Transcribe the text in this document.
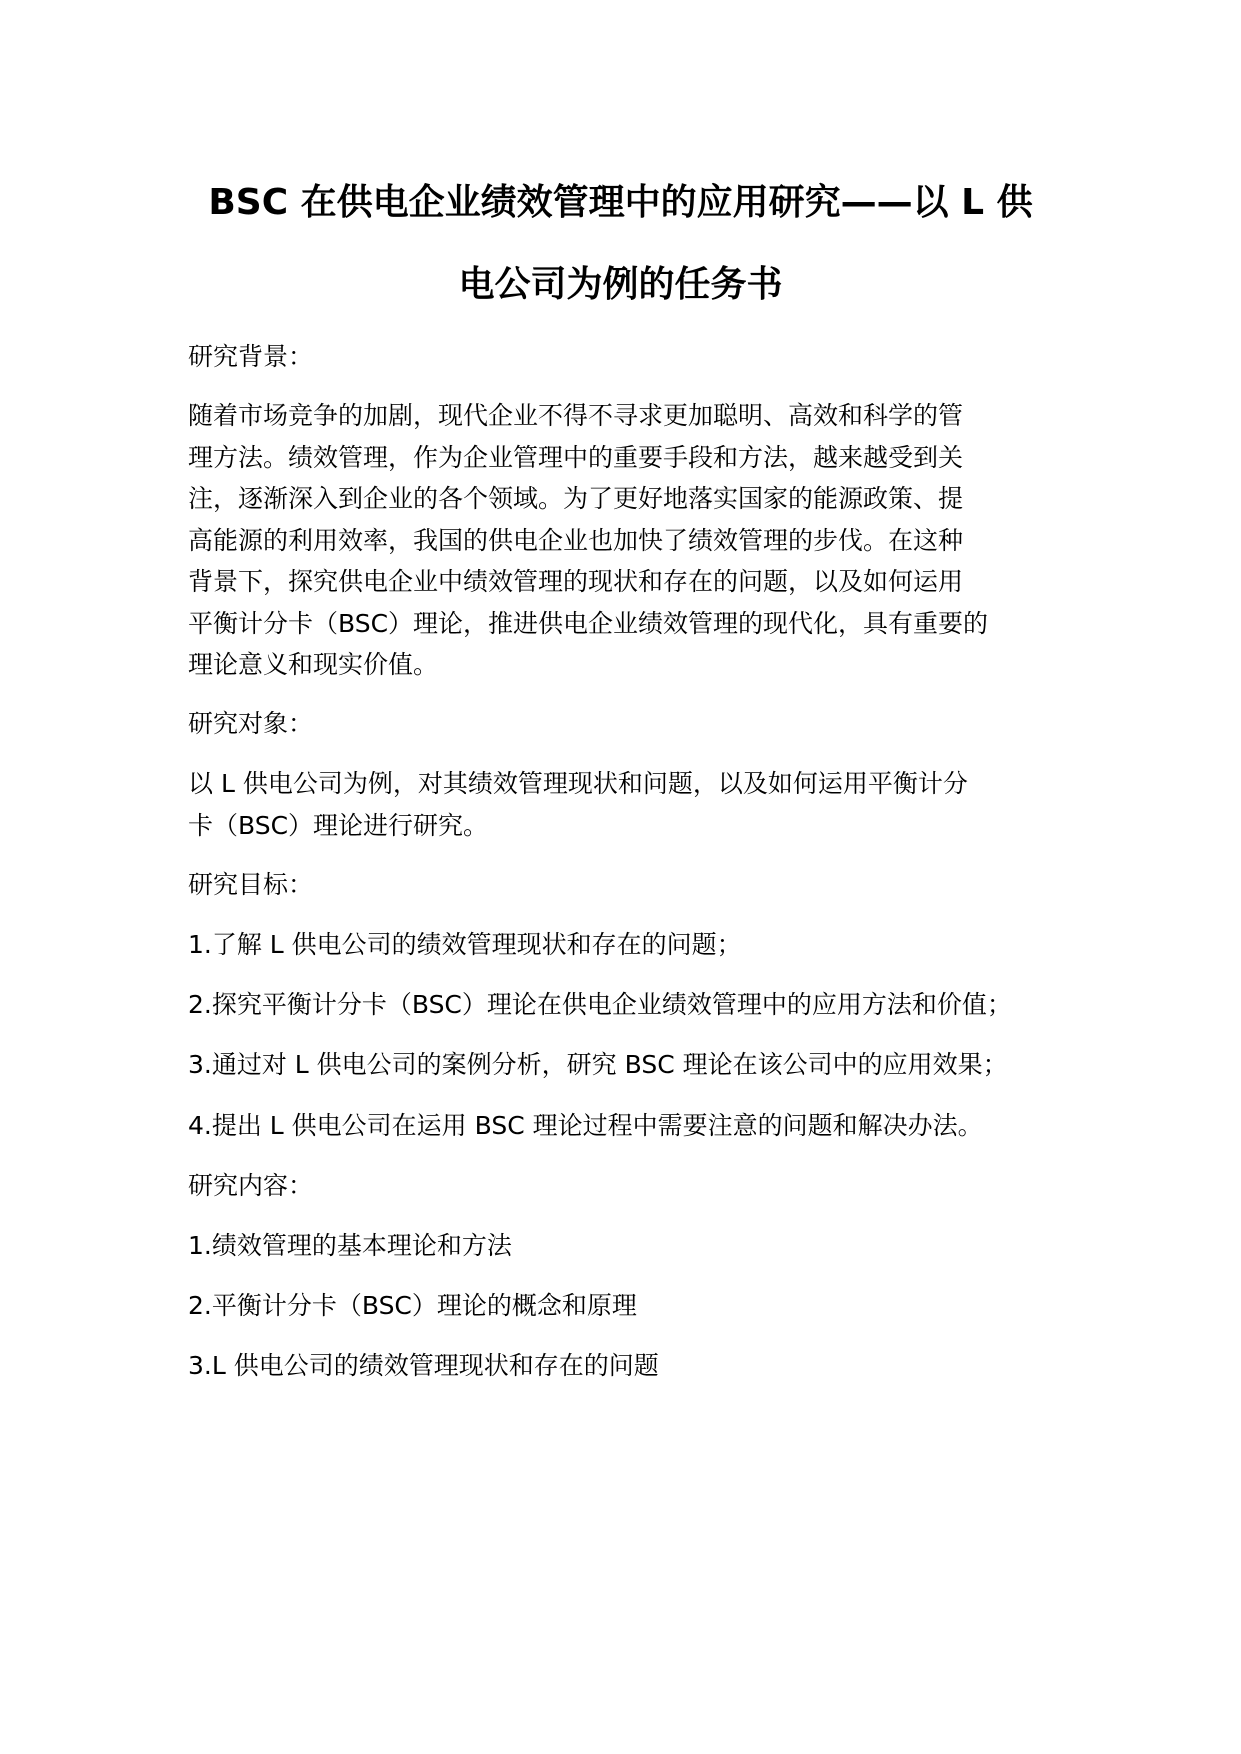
BSC 在供电企业绩效管理中的应用研究——以 L 供
电公司为例的任务书

研究背景：

随着市场竞争的加剧，现代企业不得不寻求更加聪明、高效和科学的管

理方法。绩效管理，作为企业管理中的重要手段和方法，越来越受到关

注，逐渐深入到企业的各个领域。为了更好地落实国家的能源政策、提

高能源的利用效率，我国的供电企业也加快了绩效管理的步伐。在这种

背景下，探究供电企业中绩效管理的现状和存在的问题，以及如何运用

平衡计分卡（BSC）理论，推进供电企业绩效管理的现代化，具有重要的

理论意义和现实价值。

研究对象：

以 L 供电公司为例，对其绩效管理现状和问题，以及如何运用平衡计分

卡（BSC）理论进行研究。

研究目标：

1.了解 L 供电公司的绩效管理现状和存在的问题；

2.探究平衡计分卡（BSC）理论在供电企业绩效管理中的应用方法和价值；

3.通过对 L 供电公司的案例分析，研究 BSC 理论在该公司中的应用效果；

4.提出 L 供电公司在运用 BSC 理论过程中需要注意的问题和解决办法。

研究内容：

1.绩效管理的基本理论和方法

2.平衡计分卡（BSC）理论的概念和原理

3.L 供电公司的绩效管理现状和存在的问题
